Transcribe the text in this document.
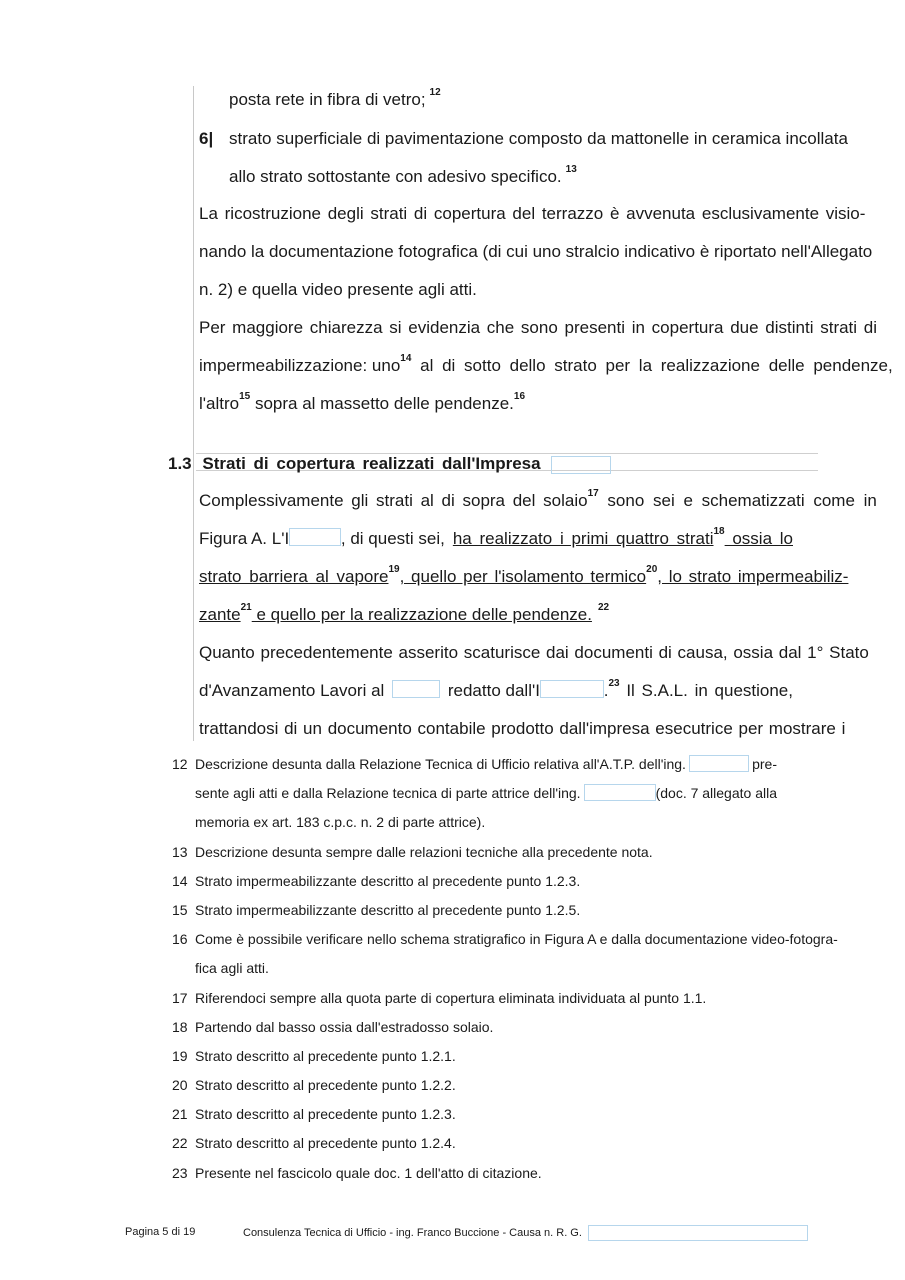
posta rete in fibra di vetro; 12
6| strato superficiale di pavimentazione composto da mattonelle in ceramica incollata
allo strato sottostante con adesivo specifico. 13
La ricostruzione degli strati di copertura del terrazzo è avvenuta esclusivamente visio-
nando la documentazione fotografica (di cui uno stralcio indicativo è riportato nell'Allegato
n. 2) e quella video presente agli atti.
Per maggiore chiarezza si evidenzia che sono presenti in copertura due distinti strati di
impermeabilizzazione: uno 14 al di sotto dello strato per la realizzazione delle pendenze,
l'altro 15 sopra al massetto delle pendenze. 16
1.3 Strati di copertura realizzati dall'Impresa
Complessivamente gli strati al di sopra del solaio 17 sono sei e schematizzati come in
Figura A. L'I	, di questi sei, ha realizzato i primi quattro strati 18 ossia lo
strato barriera al vapore 19 , quello per l'isolamento termico 20 , lo strato impermeabiliz-
zante 21 e quello per la realizzazione delle pendenze. 22
Quanto precedentemente asserito scaturisce dai documenti di causa, ossia dal 1° Stato
d'Avanzamento Lavori al	redatto dall'I	. 23 Il S.A.L. in questione,
trattandosi di un documento contabile prodotto dall'impresa esecutrice per mostrare i
12 Descrizione desunta dalla Relazione Tecnica di Ufficio relativa all'A.T.P. dell'ing.	pre-
sente agli atti e dalla Relazione tecnica di parte attrice dell'ing.	(doc. 7 allegato alla
memoria ex art. 183 c.p.c. n. 2 di parte attrice).
13 Descrizione desunta sempre dalle relazioni tecniche alla precedente nota.
14 Strato impermeabilizzante descritto al precedente punto 1.2.3.
15 Strato impermeabilizzante descritto al precedente punto 1.2.5.
16 Come è possibile verificare nello schema stratigrafico in Figura A e dalla documentazione video-fotogra-
fica agli atti.
17 Riferendoci sempre alla quota parte di copertura eliminata individuata al punto 1.1.
18 Partendo dal basso ossia dall'estradosso solaio.
19 Strato descritto al precedente punto 1.2.1.
20 Strato descritto al precedente punto 1.2.2.
21 Strato descritto al precedente punto 1.2.3.
22 Strato descritto al precedente punto 1.2.4.
23 Presente nel fascicolo quale doc. 1 dell'atto di citazione.
Pagina 5 di 19	Consulenza Tecnica di Ufficio - ing. Franco Buccione - Causa n. R. G.
